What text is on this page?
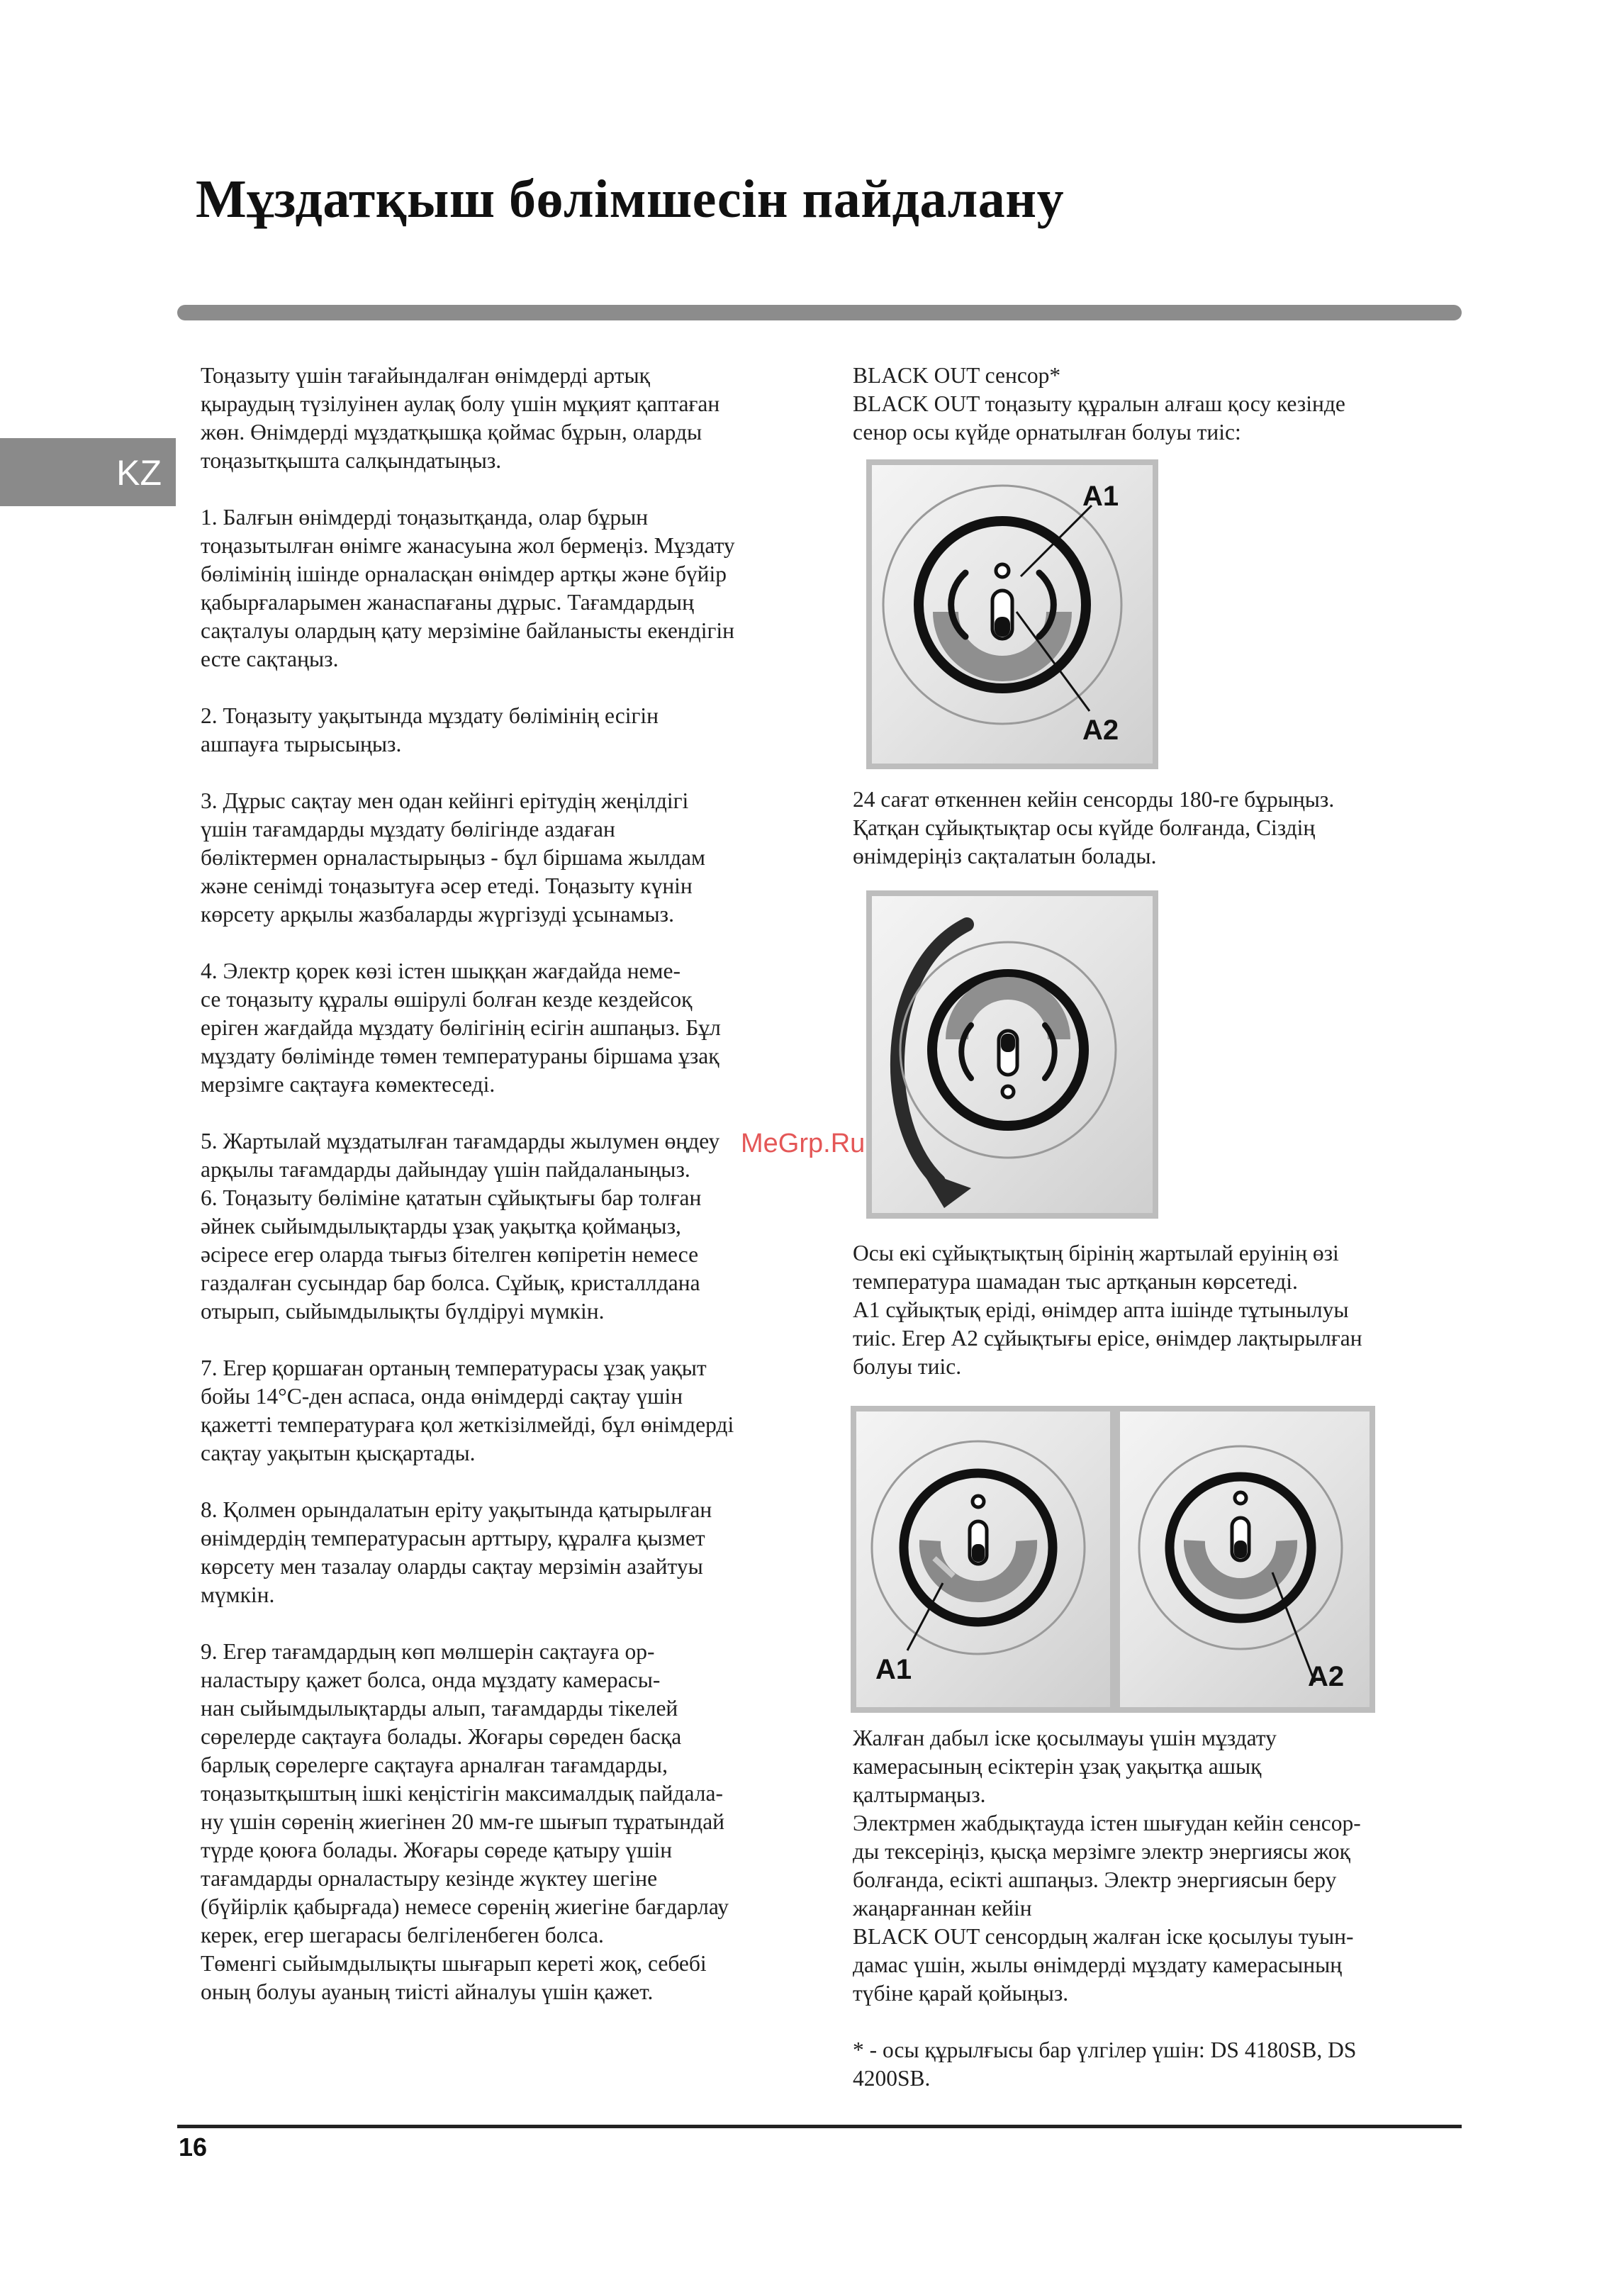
Мұздатқыш бөлімшесін пайдалану
KZ

Тоңазыту үшін тағайындалған өнімдерді артық

қыраудың түзілуінен аулақ болу үшін мұқият қаптаған

жөн. Өнімдерді мұздатқышқа қоймас бұрын, оларды

тоңазытқышта салқындатыңыз.

1. Балғын өнімдерді тоңазытқанда, олар бұрын

тоңазытылған өнімге жанасуына жол бермеңіз. Мұздату

бөлімінің ішінде орналасқан өнімдер артқы және бүйір

қабырғаларымен жанаспағаны дұрыс. Тағамдардың

сақталуы олардың қату мерзіміне байланысты екендігін

есте сақтаңыз.

2. Тоңазыту уақытында мұздату бөлімінің есігін

ашпауға тырысыңыз.

3. Дұрыс сақтау мен одан кейінгі ерітудің жеңілдігі

үшін тағамдарды мұздату бөлігінде аздаған

бөліктермен орналастырыңыз - бұл біршама жылдам

және сенімді тоңазытуға әсер етеді. Тоңазыту күнін

көрсету арқылы жазбаларды жүргізуді ұсынамыз.

4. Электр қорек көзі істен шыққан жағдайда неме-

се тоңазыту құралы өшірулі болған кезде кездейсоқ

еріген жағдайда мұздату бөлігінің есігін ашпаңыз. Бұл

мұздату бөлімінде төмен температураны біршама ұзақ

мерзімге сақтауға көмектеседі.

5. Жартылай мұздатылған тағамдарды жылумен өңдеу

арқылы тағамдарды дайындау үшін пайдаланыңыз.

6. Тоңазыту бөліміне қататын сұйықтығы бар толған

әйнек сыйымдылықтарды ұзақ уақытқа қоймаңыз,

әсіресе егер оларда тығыз бітелген көпіретін немесе

газдалған сусындар бар болса. Сұйық, кристаллдана

отырып, сыйымдылықты бүлдіруі мүмкін.

7. Егер қоршаған ортаның температурасы ұзақ уақыт

бойы 14°С-ден аспаса, онда өнімдерді сақтау үшін

қажетті температураға қол жеткізілмейді, бұл өнімдерді

сақтау уақытын қысқартады.

8. Қолмен орындалатын еріту уақытында қатырылған

өнімдердің температурасын арттыру, құралға қызмет

көрсету мен тазалау оларды сақтау мерзімін азайтуы

мүмкін.

9. Егер тағамдардың көп мөлшерін сақтауға ор-

наластыру қажет болса, онда мұздату камерасы-

нан сыйымдылықтарды алып, тағамдарды тікелей

сөрелерде сақтауға болады. Жоғары сөреден басқа

барлық сөрелерге сақтауға арналған тағамдарды,

тоңазытқыштың ішкі кеңістігін максималдық пайдала-

ну үшін сөренің жиегінен 20 мм-ге шығып тұратындай

түрде қоюға болады. Жоғары сөреде қатыру үшін

тағамдарды орналастыру кезінде жүктеу шегіне

(бүйірлік қабырғада) немесе сөренің жиегіне бағдарлау

керек, егер шегарасы белгіленбеген болса.

Төменгі сыйымдылықты шығарып кереті жоқ, себебі

оның болуы ауаның тиісті айналуы үшін қажет.

BLACK OUT сенсор*

BLACK OUT тоңазыту құралын алғаш қосу кезінде

сенор осы күйде орнатылған болуы тиіс:

A1
A2

24 сағат өткеннен кейін сенсорды 180-ге бұрыңыз.

Қатқан сұйықтықтар осы күйде болғанда, Сіздің

өнімдеріңіз сақталатын болады.

MeGrp.Ru

Осы екі сұйықтықтың бірінің жартылай еруінің өзі

температура шамадан тыс артқанын көрсетеді.

А1 сұйықтық еріді, өнімдер апта ішінде тұтынылуы

тиіс. Егер А2 сұйықтығы ерісе, өнімдер лақтырылған

болуы тиіс.

A1	A2

Жалған дабыл іске қосылмауы үшін мұздату

камерасының есіктерін ұзақ уақытқа ашық

қалтырмаңыз.

Электрмен жабдықтауда істен шығудан кейін сенсор-

ды тексеріңіз, қысқа мерзімге электр энергиясы жоқ

болғанда, есікті ашпаңыз. Электр энергиясын беру

жаңарғаннан кейін

BLACK OUT сенсордың жалған іске қосылуы туын-

дамас үшін, жылы өнімдерді мұздату камерасының

түбіне қарай қойыңыз.

* - осы құрылғысы бар үлгілер үшін: DS 4180SB, DS

4200SB.

16
